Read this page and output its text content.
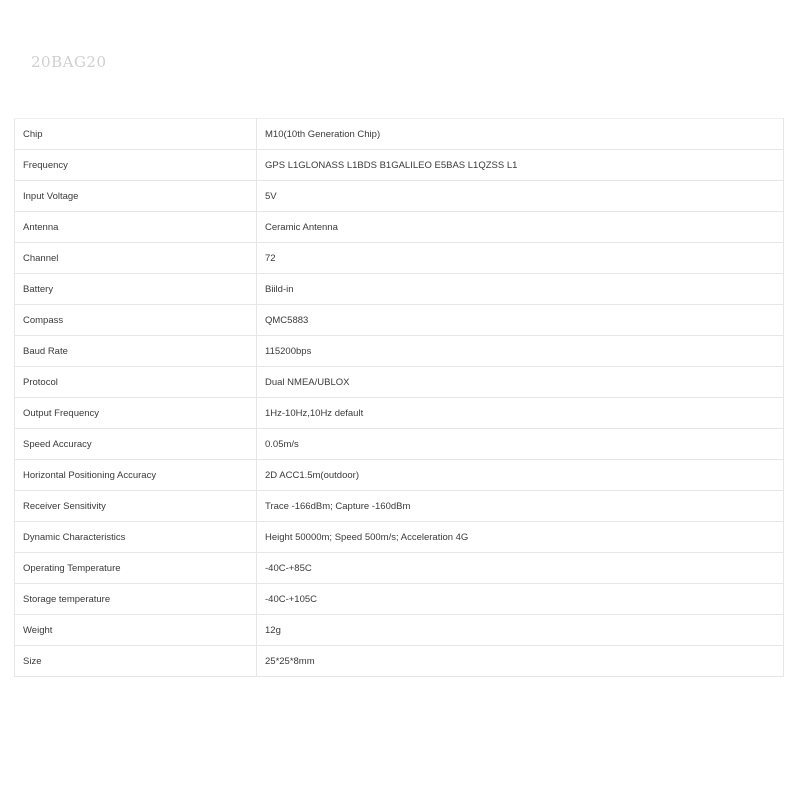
20BAG20
Chip	M10(10th Generation Chip)
Frequency	GPS L1GLONASS L1BDS B1GALILEO E5BAS L1QZSS L1
Input Voltage	5V
Antenna	Ceramic Antenna
Channel	72
Battery	Biild-in
Compass	QMC5883
Baud Rate	115200bps
Protocol	Dual NMEA/UBLOX
Output Frequency	1Hz-10Hz,10Hz default
Speed Accuracy	0.05m/s
Horizontal Positioning Accuracy	2D ACC1.5m(outdoor)
Receiver Sensitivity	Trace -166dBm; Capture -160dBm
Dynamic Characteristics	Height 50000m; Speed 500m/s; Acceleration 4G
Operating Temperature	-40C-+85C
Storage temperature	-40C-+105C
Weight	12g
Size	25*25*8mm
